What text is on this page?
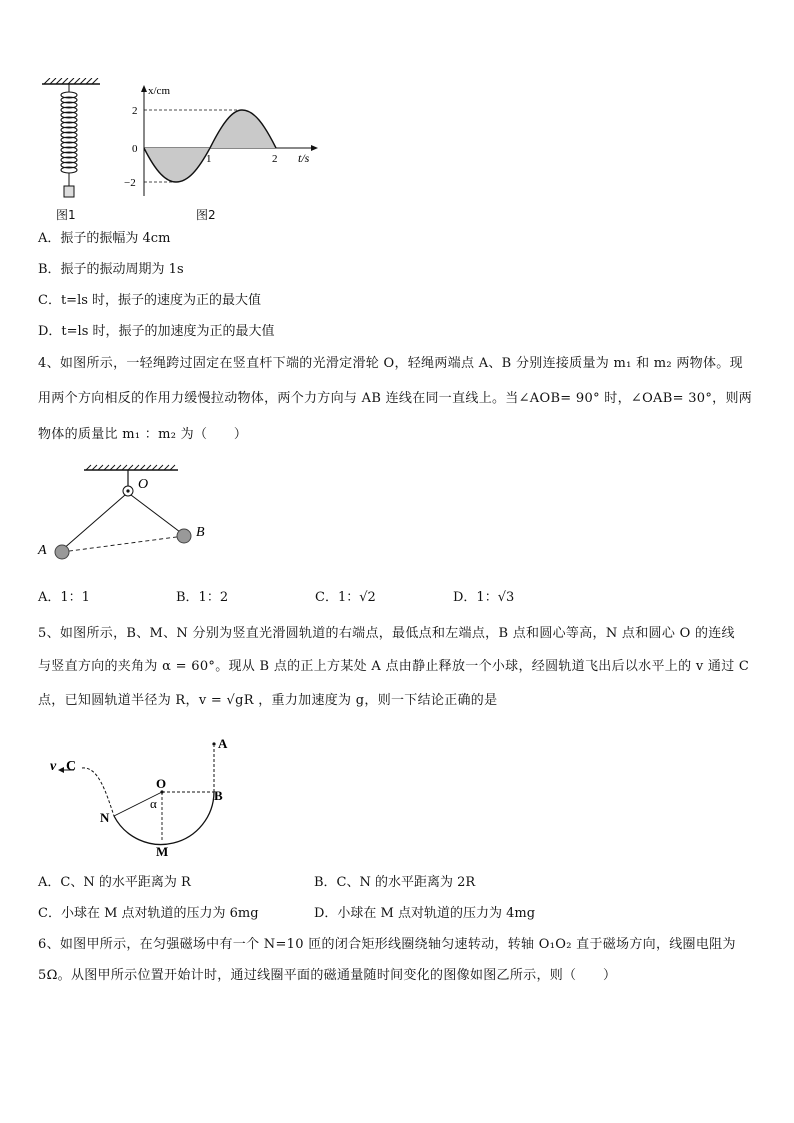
图1
x/cm
t/s
2
0
−2
1	2
图2
A．振子的振幅为 4cm
B．振子的振动周期为 1s
C．t=ls 时，振子的速度为正的最大值
D．t=ls 时，振子的加速度为正的最大值
4、如图所示，一轻绳跨过固定在竖直杆下端的光滑定滑轮 O，轻绳两端点 A、B 分别连接质量为 m₁ 和 m₂ 两物体。现
用两个方向相反的作用力缓慢拉动物体，两个力方向与 AB 连线在同一直线上。当∠AOB= 90° 时，∠OAB= 30°，则两
物体的质量比 m₁ ：m₂ 为（　　）
O
A
B
A．1：1	B．1：2	C．1：√2	D．1：√3
5、如图所示，B、M、N 分别为竖直光滑圆轨道的右端点，最低点和左端点，B 点和圆心等高，N 点和圆心 O 的连线
与竖直方向的夹角为 α = 60°。现从 B 点的正上方某处 A 点由静止释放一个小球，经圆轨道飞出后以水平上的 v 通过 C
点，已知圆轨道半径为 R，v = √gR ，重力加速度为 g，则一下结论正确的是
v C
A
O
α
B
N
M
A．C、N 的水平距离为 R	B．C、N 的水平距离为 2R
C．小球在 M 点对轨道的压力为 6mg	D．小球在 M 点对轨道的压力为 4mg
6、如图甲所示，在匀强磁场中有一个 N=10 匝的闭合矩形线圈绕轴匀速转动，转轴 O₁O₂ 直于磁场方向，线圈电阻为
5Ω。从图甲所示位置开始计时，通过线圈平面的磁通量随时间变化的图像如图乙所示，则（　　）
